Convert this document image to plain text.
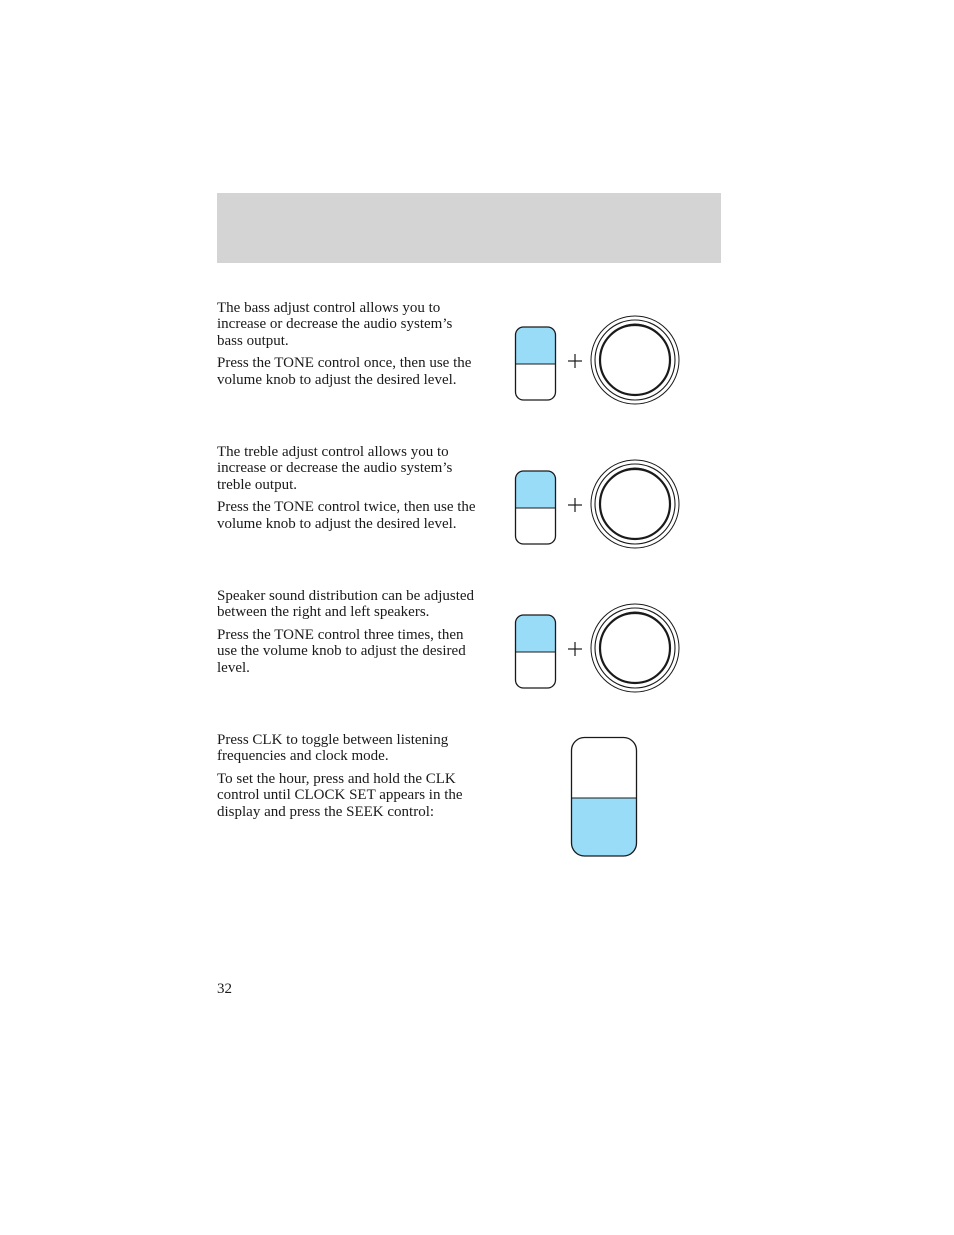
The bass adjust control allows you to increase or decrease the audio system’s bass output.

Press the TONE control once, then use the volume knob to adjust the desired level.

The treble adjust control allows you to increase or decrease the audio system’s treble output.

Press the TONE control twice, then use the volume knob to adjust the desired level.

Speaker sound distribution can be adjusted between the right and left speakers.

Press the TONE control three times, then use the volume knob to adjust the desired level.

Press CLK to toggle between listening frequencies and clock mode.

To set the hour, press and hold the CLK control until CLOCK SET appears in the display and press the SEEK control:

32
